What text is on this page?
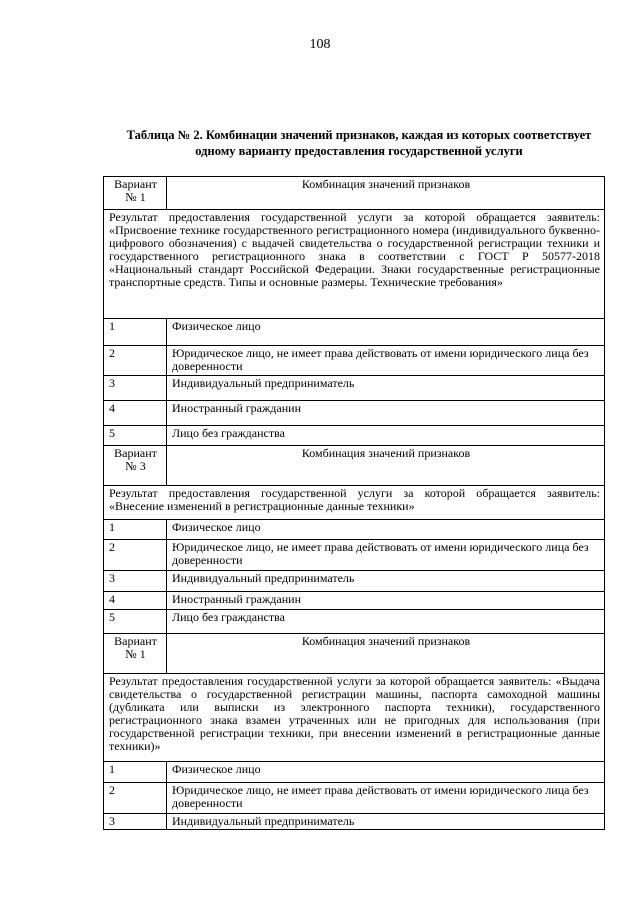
108
Таблица № 2. Комбинации значений признаков, каждая из которых соответствует
одному варианту предоставления государственной услуги
Вариант
№ 1	Комбинация значений признаков
Результат предоставления государственной услуги за которой обращается заявитель: «Присвоение технике государственного регистрационного номера (индивидуального буквенно-цифрового обозначения) с выдачей свидетельства о государственной регистрации техники и государственного регистрационного знака в соответствии с ГОСТ Р 50577-2018 «Национальный стандарт Российской Федерации. Знаки государственные регистрационные транспортные средств. Типы и основные размеры. Технические требования»	
1	Физическое лицо
2	Юридическое лицо, не имеет права действовать от имени юридического лица без доверенности
3	Индивидуальный предприниматель
4	Иностранный гражданин
5	Лицо без гражданства

Вариант
№ 3	Комбинация значений признаков
Результат предоставления государственной услуги за которой обращается заявитель: «Внесение изменений в регистрационные данные техники»	
1	Физическое лицо
2	Юридическое лицо, не имеет права действовать от имени юридического лица без доверенности
3	Индивидуальный предприниматель
4	Иностранный гражданин
5	Лицо без гражданства

Вариант
№ 1	Комбинация значений признаков
Результат предоставления государственной услуги за которой обращается заявитель: «Выдача свидетельства о государственной регистрации машины, паспорта самоходной машины (дубликата или выписки из электронного паспорта техники), государственного регистрационного знака взамен утраченных или не пригодных для использования (при государственной регистрации техники, при внесении изменений в регистрационные данные техники)»	
1	Физическое лицо
2	Юридическое лицо, не имеет права действовать от имени юридического лица без доверенности
3	Индивидуальный предприниматель
